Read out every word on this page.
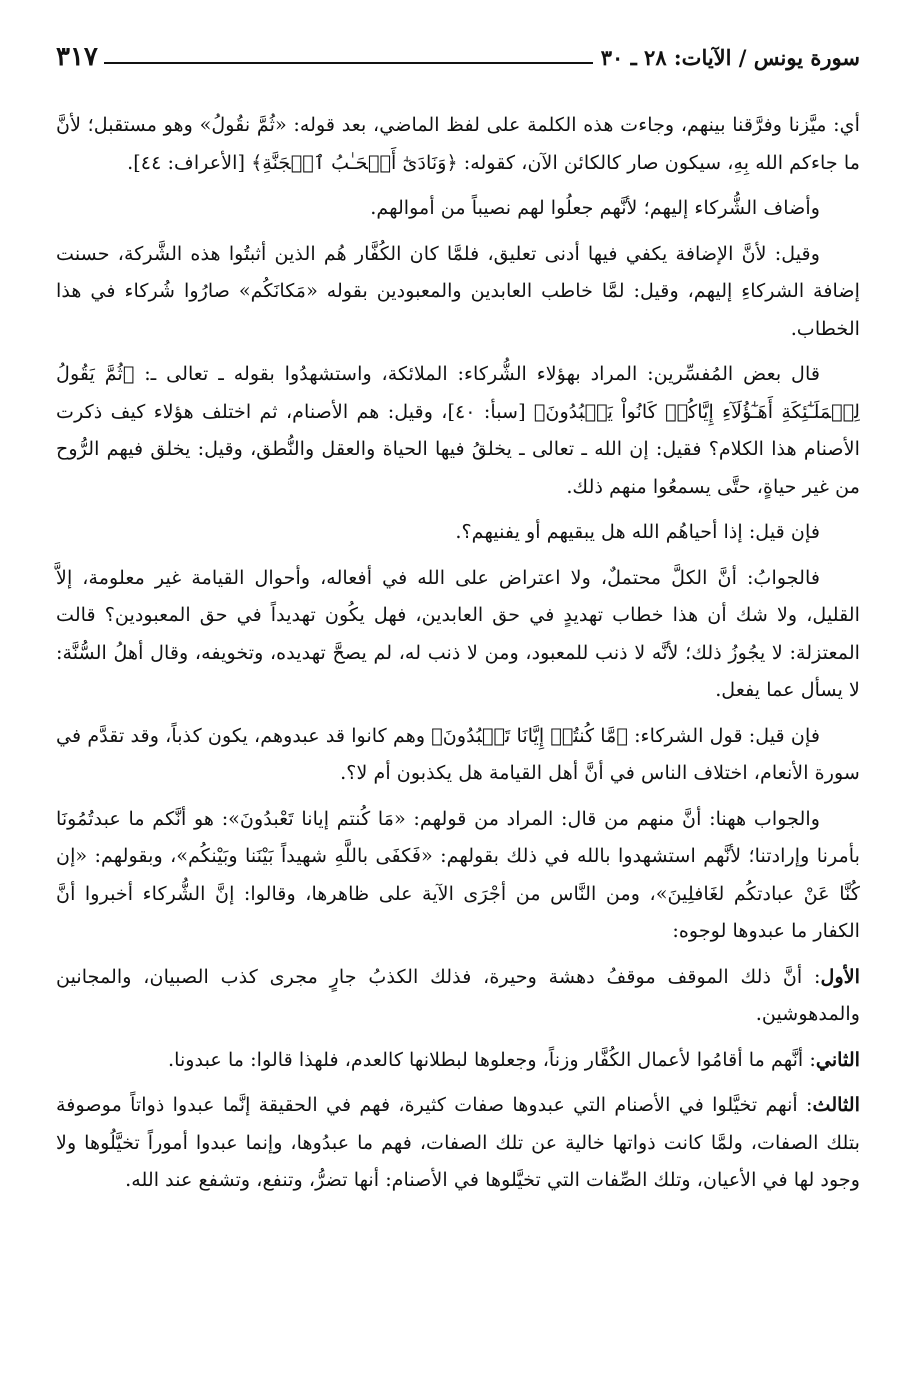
سورة يونس / الآيات: ٢٨ ـ ٣٠
٣١٧

أي: ميَّزنا وفرَّقنا بينهم، وجاءت هذه الكلمة على لفظ الماضي، بعد قوله: «ثُمَّ نقُولُ» وهو مستقبل؛ لأنَّ ما جاءكم الله بِهِ، سيكون صار كالكائن الآن، كقوله: ﴿وَنَادَىٰٓ أَصۡحَـٰبُ ٱلۡجَنَّةِ﴾ [الأعراف: ٤٤].

وأضاف الشُّركاء إليهم؛ لأنَّهم جعلُوا لهم نصيباً من أموالهم.

وقيل: لأنَّ الإضافة يكفي فيها أدنى تعليق، فلمَّا كان الكُفَّار هُم الذين أثبتُوا هذه الشَّركة، حسنت إضافة الشركاءِ إليهم، وقيل: لمَّا خاطب العابدين والمعبودين بقوله «مَكانَكُم» صارُوا شُركاء في هذا الخطاب.

قال بعض المُفسِّرين: المراد بهؤلاء الشُّركاء: الملائكة، واستشهدُوا بقوله ـ تعالى ـ: ﴿ثُمَّ يَقُولُ لِلۡمَلَـٰٓئِكَةِ أَهَـٰٓؤُلَآءِ إِيَّاكُمۡ كَانُواْ يَعۡبُدُونَ﴾ [سبأ: ٤٠]، وقيل: هم الأصنام، ثم اختلف هؤلاء كيف ذكرت الأصنام هذا الكلام؟ فقيل: إن الله ـ تعالى ـ يخلقُ فيها الحياة والعقل والنُّطق، وقيل: يخلق فيهم الرُّوح من غير حياةٍ، حتَّى يسمعُوا منهم ذلك.

فإن قيل: إذا أحياهُم الله هل يبقيهم أو يفنيهم؟.

فالجوابُ: أنَّ الكلَّ محتملٌ، ولا اعتراض على الله في أفعاله، وأحوال القيامة غير معلومة، إلاَّ القليل، ولا شك أن هذا خطاب تهديدٍ في حق العابدين، فهل يكُون تهديداً في حق المعبودين؟ قالت المعتزلة: لا يجُوزُ ذلك؛ لأنَّه لا ذنب للمعبود، ومن لا ذنب له، لم يصحَّ تهديده، وتخويفه، وقال أهلُ السُّنَّة: لا يسأل عما يفعل.

فإن قيل: قول الشركاء: ﴿مَّا كُنتُمۡ إِيَّانَا تَعۡبُدُونَ﴾ وهم كانوا قد عبدوهم، يكون كذباً، وقد تقدَّم في سورة الأنعام، اختلاف الناس في أنَّ أهل القيامة هل يكذبون أم لا؟.

والجواب ههنا: أنَّ منهم من قال: المراد من قولهم: «مَا كُنتم إيانا تَعْبدُونَ»: هو أنَّكم ما عبدتُمُونَا بأمرنا وإرادتنا؛ لأنَّهم استشهدوا بالله في ذلك بقولهم: «فَكفَى باللَّهِ شهيداً بَيْنَنا وبَيْنكُم»، وبقولهم: «إن كُنَّا عَنْ عبادتكُم لغَافلِينَ»، ومن النَّاس من أجْرَى الآية على ظاهرها، وقالوا: إنَّ الشُّركاء أخبروا أنَّ الكفار ما عبدوها لوجوه:

الأول: أنَّ ذلك الموقف موقفُ دهشة وحيرة، فذلك الكذبُ جارٍ مجرى كذب الصبيان، والمجانين والمدهوشين.

الثاني: أنَّهم ما أقامُوا لأعمال الكُفَّار وزناً، وجعلوها لبطلانها كالعدم، فلهذا قالوا: ما عبدونا.

الثالث: أنهم تخيَّلوا في الأصنام التي عبدوها صفات كثيرة، فهم في الحقيقة إنَّما عبدوا ذواتاً موصوفة بتلك الصفات، ولمَّا كانت ذواتها خالية عن تلك الصفات، فهم ما عبدُوها، وإنما عبدوا أموراً تخيَّلُوها ولا وجود لها في الأعيان، وتلك الصِّفات التي تخيَّلوها في الأصنام: أنها تضرُّ، وتنفع، وتشفع عند الله.
